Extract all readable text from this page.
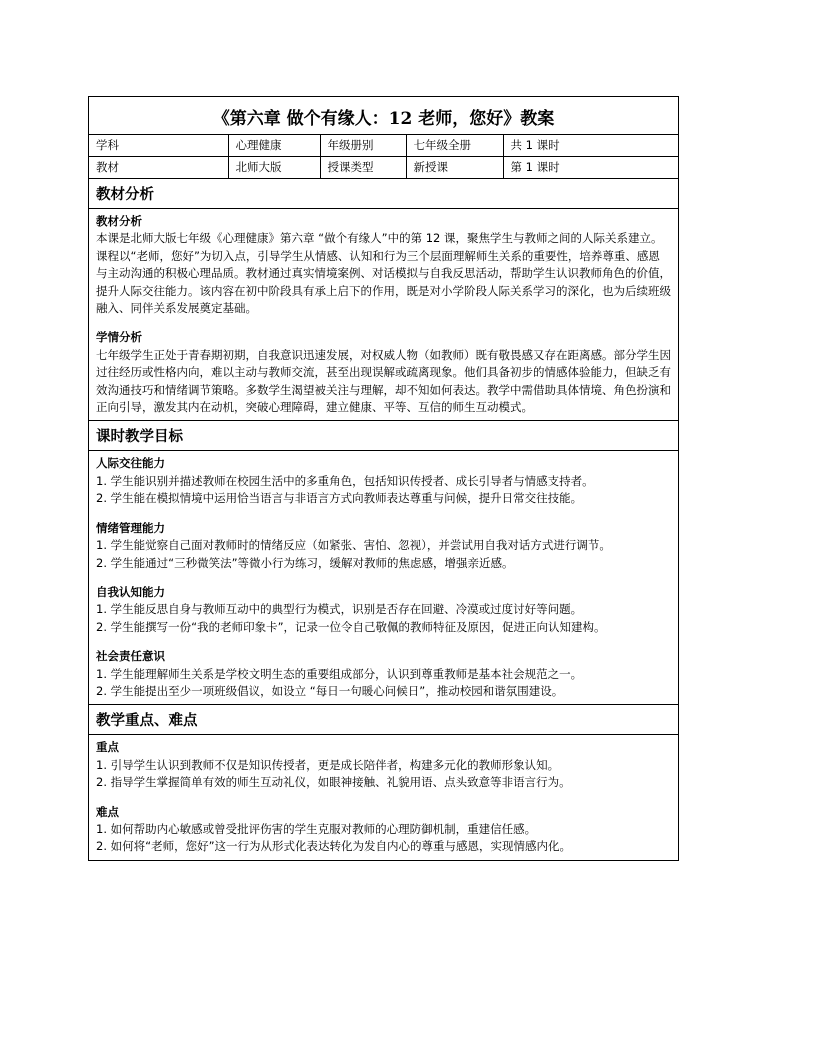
《第六章 做个有缘人：12 老师，您好》教案
学科	心理健康	年级册别	七年级全册	共 1 课时
教材	北师大版	授课类型	新授课	第 1 课时
教材分析

教材分析

本课是北师大版七年级《心理健康》第六章 “做个有缘人”中的第 12 课，聚焦学生与教师之间的人际关系建立。课程以“老师，您好”为切入点，引导学生从情感、认知和行为三个层面理解师生关系的重要性，培养尊重、感恩与主动沟通的积极心理品质。教材通过真实情境案例、对话模拟与自我反思活动，帮助学生认识教师角色的价值，提升人际交往能力。该内容在初中阶段具有承上启下的作用，既是对小学阶段人际关系学习的深化，也为后续班级融入、同伴关系发展奠定基础。

学情分析

七年级学生正处于青春期初期，自我意识迅速发展，对权威人物（如教师）既有敬畏感又存在距离感。部分学生因过往经历或性格内向，难以主动与教师交流，甚至出现误解或疏离现象。他们具备初步的情感体验能力，但缺乏有效沟通技巧和情绪调节策略。多数学生渴望被关注与理解，却不知如何表达。教学中需借助具体情境、角色扮演和正向引导，激发其内在动机，突破心理障碍，建立健康、平等、互信的师生互动模式。

课时教学目标

人际交往能力

1. 学生能识别并描述教师在校园生活中的多重角色，包括知识传授者、成长引导者与情感支持者。

2. 学生能在模拟情境中运用恰当语言与非语言方式向教师表达尊重与问候，提升日常交往技能。

情绪管理能力

1. 学生能觉察自己面对教师时的情绪反应（如紧张、害怕、忽视），并尝试用自我对话方式进行调节。

2. 学生能通过“三秒微笑法”等微小行为练习，缓解对教师的焦虑感，增强亲近感。

自我认知能力

1. 学生能反思自身与教师互动中的典型行为模式，识别是否存在回避、冷漠或过度讨好等问题。

2. 学生能撰写一份“我的老师印象卡”，记录一位令自己敬佩的教师特征及原因，促进正向认知建构。

社会责任意识

1. 学生能理解师生关系是学校文明生态的重要组成部分，认识到尊重教师是基本社会规范之一。

2. 学生能提出至少一项班级倡议，如设立 “每日一句暖心问候日”，推动校园和谐氛围建设。

教学重点、难点

重点

1. 引导学生认识到教师不仅是知识传授者，更是成长陪伴者，构建多元化的教师形象认知。

2. 指导学生掌握简单有效的师生互动礼仪，如眼神接触、礼貌用语、点头致意等非语言行为。

难点

1. 如何帮助内心敏感或曾受批评伤害的学生克服对教师的心理防御机制，重建信任感。

2. 如何将“老师，您好”这一行为从形式化表达转化为发自内心的尊重与感恩，实现情感内化。
